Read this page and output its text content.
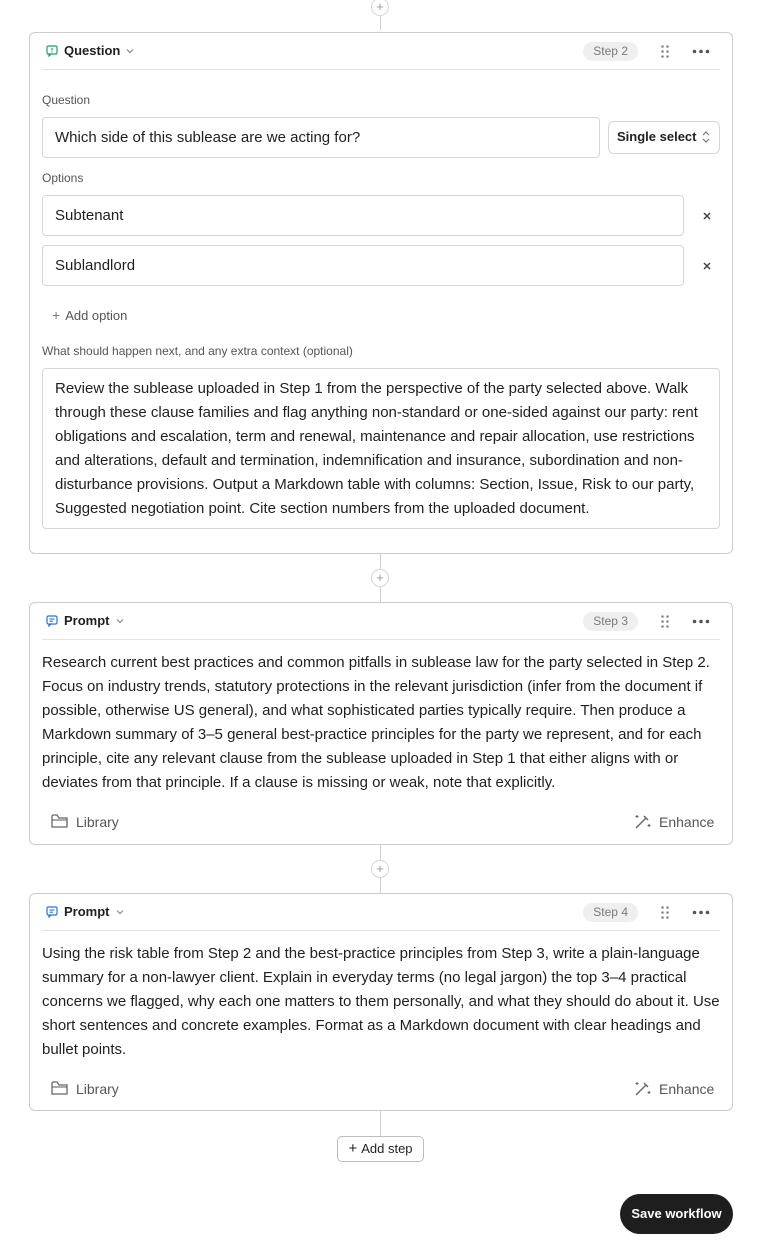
+
Question	Step 2
Question
Which side of this sublease are we acting for?	Single select
Options
Subtenant
Sublandlord
+ Add option
What should happen next, and any extra context (optional)
Review the sublease uploaded in Step 1 from the perspective of the party selected above. Walk through these clause families and flag anything non-standard or one-sided against our party: rent obligations and escalation, term and renewal, maintenance and repair allocation, use restrictions and alterations, default and termination, indemnification and insurance, subordination and non-disturbance provisions. Output a Markdown table with columns: Section, Issue, Risk to our party, Suggested negotiation point. Cite section numbers from the uploaded document.
+
Prompt	Step 3
Research current best practices and common pitfalls in sublease law for the party selected in Step 2. Focus on industry trends, statutory protections in the relevant jurisdiction (infer from the document if possible, otherwise US general), and what sophisticated parties typically require. Then produce a Markdown summary of 3–5 general best-practice principles for the party we represent, and for each principle, cite any relevant clause from the sublease uploaded in Step 1 that either aligns with or deviates from that principle. If a clause is missing or weak, note that explicitly.
Library	Enhance
+
Prompt	Step 4
Using the risk table from Step 2 and the best-practice principles from Step 3, write a plain-language summary for a non-lawyer client. Explain in everyday terms (no legal jargon) the top 3–4 practical concerns we flagged, why each one matters to them personally, and what they should do about it. Use short sentences and concrete examples. Format as a Markdown document with clear headings and bullet points.
Library	Enhance
+ Add step
Save workflow
